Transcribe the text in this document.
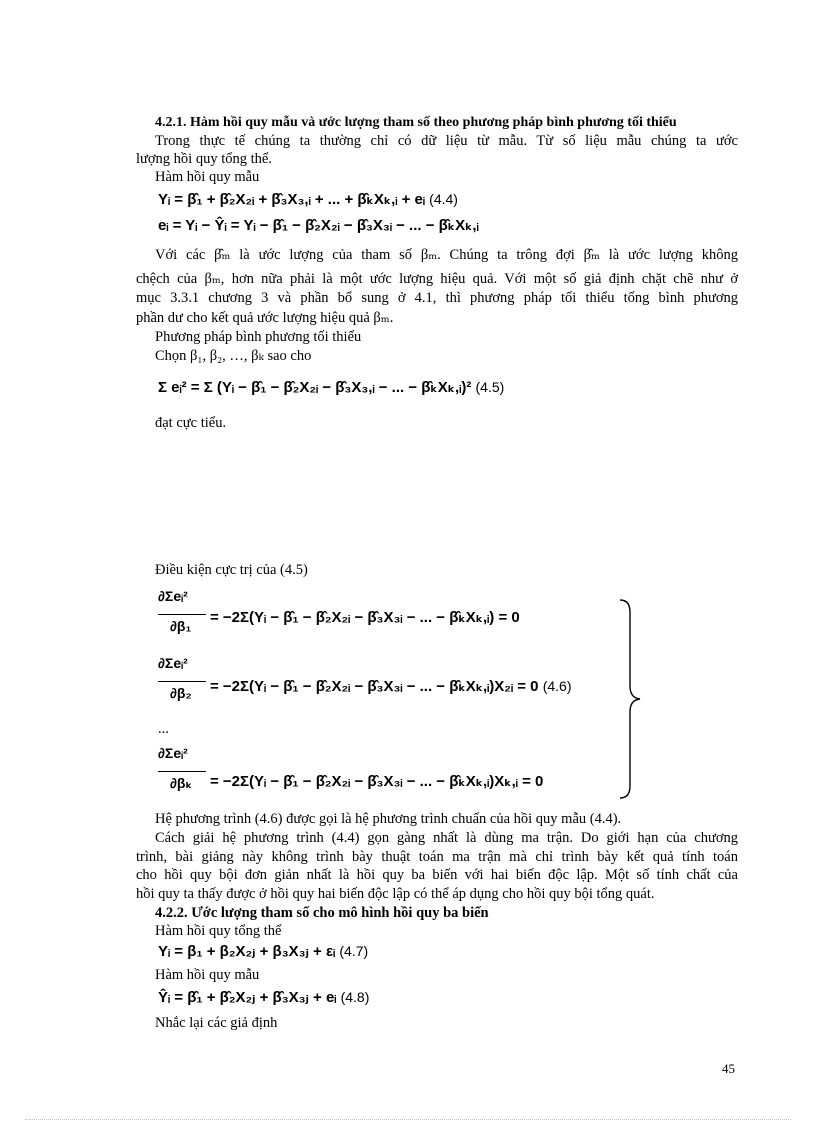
4.2.1. Hàm hồi quy mẫu và ước lượng tham số theo phương pháp bình phương tối thiểu
Trong thực tế chúng ta thường chỉ có dữ liệu từ mẫu. Từ số liệu mẫu chúng ta ước
lượng hồi quy tổng thể.
Hàm hồi quy mẫu
Yᵢ = β̂₁ + β̂₂X₂ᵢ + β̂₃X₃,ᵢ + ... + β̂ₖXₖ,ᵢ + eᵢ (4.4)
eᵢ = Yᵢ − Ŷᵢ = Yᵢ − β̂₁ − β̂₂X₂ᵢ − β̂₃X₃ᵢ − ... − β̂ₖXₖ,ᵢ
Với các β̂ₘ là ước lượng của tham số βₘ. Chúng ta trông đợi β̂ₘ là ước lượng không
chệch của βₘ, hơn nữa phải là một ước lượng hiệu quả. Với một số giả định chặt chẽ như ở
mục 3.3.1 chương 3 và phần bổ sung ở 4.1, thì phương pháp tối thiểu tổng bình phương
phần dư cho kết quả ước lượng hiệu quả βₘ.
Phương pháp bình phương tối thiểu
Chọn β₁, β₂, …, βₖ sao cho
Σ eᵢ² = Σ (Yᵢ − β̂₁ − β̂₂X₂ᵢ − β̂₃X₃,ᵢ − ... − β̂ₖXₖ,ᵢ)² (4.5)
đạt cực tiểu.
Điều kiện cực trị của (4.5)
∂Σeᵢ²
∂β₁ = −2Σ(Yᵢ − β̂₁ − β̂₂X₂ᵢ − β̂₃X₃ᵢ − ... − β̂ₖXₖ,ᵢ) = 0
∂Σeᵢ²
∂β₂ = −2Σ(Yᵢ − β̂₁ − β̂₂X₂ᵢ − β̂₃X₃ᵢ − ... − β̂ₖXₖ,ᵢ)X₂ᵢ = 0 (4.6)
...
∂Σeᵢ²
∂βₖ = −2Σ(Yᵢ − β̂₁ − β̂₂X₂ᵢ − β̂₃X₃ᵢ − ... − β̂ₖXₖ,ᵢ)Xₖ,ᵢ = 0
Hệ phương trình (4.6) được gọi là hệ phương trình chuẩn của hồi quy mẫu (4.4).
Cách giải hệ phương trình (4.4) gọn gàng nhất là dùng ma trận. Do giới hạn của chương
trình, bài giảng này không trình bày thuật toán ma trận mà chỉ trình bày kết quả tính toán
cho hồi quy bội đơn giản nhất là hồi quy ba biến với hai biến độc lập. Một số tính chất của
hồi quy ta thấy được ở hồi quy hai biến độc lập có thể áp dụng cho hồi quy bội tổng quát.
4.2.2. Ước lượng tham số cho mô hình hồi quy ba biến
Hàm hồi quy tổng thể
Yᵢ = β₁ + β₂X₂ⱼ + β₃X₃ⱼ + εᵢ (4.7)
Hàm hồi quy mẫu
Ŷᵢ = β̂₁ + β̂₂X₂ⱼ + β̂₃X₃ⱼ + eᵢ (4.8)
Nhắc lại các giả định
45
